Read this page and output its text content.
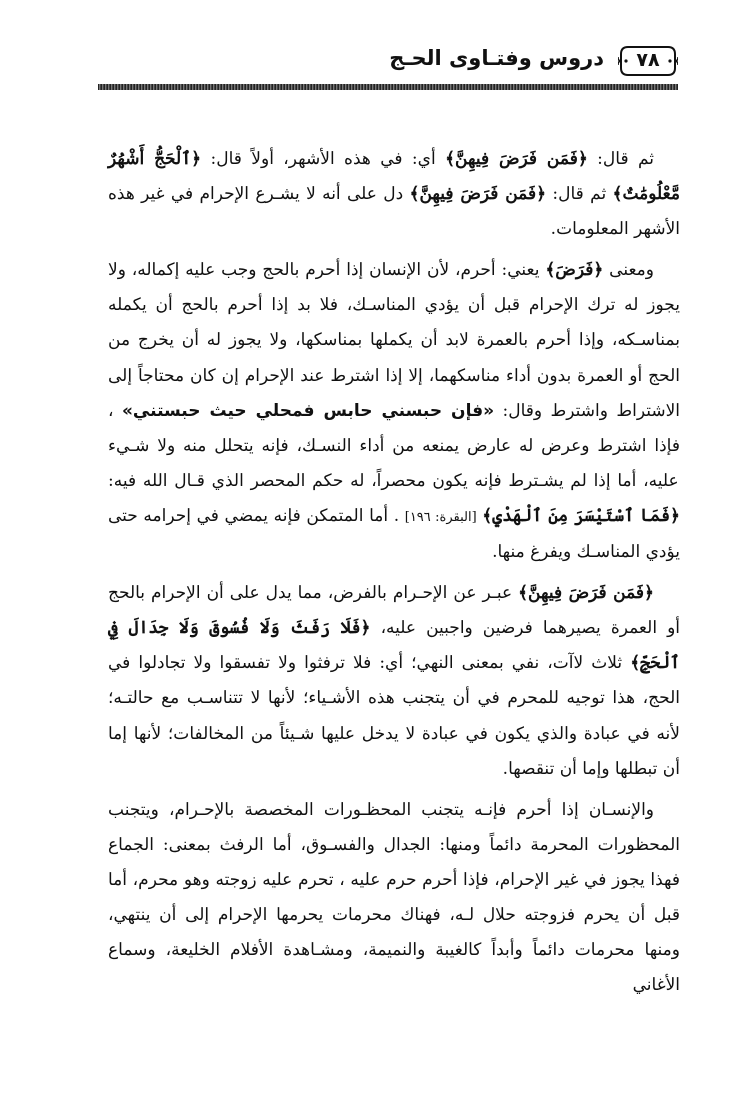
٧٨
دروس وفتـاوى الحـج

ثم قال: ﴿فَمَن فَرَضَ فِيهِنَّ﴾ أي: في هذه الأشهر، أولاً قال: ﴿ٱلْحَجُّ أَشْهُرٌ مَّعْلُومَٰتٌ﴾ ثم قال: ﴿فَمَن فَرَضَ فِيهِنَّ﴾ دل على أنه لا يشـرع الإحرام في غير هذه الأشهر المعلومات.

ومعنى ﴿فَرَضَ﴾ يعني: أحرم، لأن الإنسان إذا أحرم بالحج وجب عليه إكماله، ولا يجوز له ترك الإحرام قبل أن يؤدي المناسـك، فلا بد إذا أحرم بالحج أن يكمله بمناسـكه، وإذا أحرم بالعمرة لابد أن يكملها بمناسكها، ولا يجوز له أن يخرج من الحج أو العمرة بدون أداء مناسكهما، إلا إذا اشترط عند الإحرام إن كان محتاجاً إلى الاشتراط واشترط وقال: «فإن حبسني حابس فمحلي حيث حبستني» ، فإذا اشترط وعرض له عارض يمنعه من أداء النسـك، فإنه يتحلل منه ولا شـيء عليه، أما إذا لم يشـترط فإنه يكون محصراً، له حكم المحصر الذي قـال الله فيه: ﴿فَمَا ٱسْتَيْسَرَ مِنَ ٱلْهَدْيِ﴾ [البقرة: ١٩٦] . أما المتمكن فإنه يمضي في إحرامه حتى يؤدي المناسـك ويفرغ منها.

﴿فَمَن فَرَضَ فِيهِنَّ﴾ عبـر عن الإحـرام بالفرض، مما يدل على أن الإحرام بالحج أو العمرة يصيرهما فرضين واجبين عليه، ﴿فَلَا رَفَثَ وَلَا فُسُوقَ وَلَا جِدَالَ فِي ٱلْحَجِّ﴾ ثلاث لاآت، نفي بمعنى النهي؛ أي: فلا ترفثوا ولا تفسقوا ولا تجادلوا في الحج، هذا توجيه للمحرم في أن يتجنب هذه الأشـياء؛ لأنها لا تتناسـب مع حالتـه؛ لأنه في عبادة والذي يكون في عبادة لا يدخل عليها شـيئاً من المخالفات؛ لأنها إما أن تبطلها وإما أن تنقصها.

والإنسـان إذا أحرم فإنـه يتجنب المحظـورات المخصصة بالإحـرام، ويتجنب المحظورات المحرمة دائماً ومنها: الجدال والفسـوق، أما الرفث بمعنى: الجماع فهذا يجوز في غير الإحرام، فإذا أحرم حرم عليه ، تحرم عليه زوجته وهو محرم، أما قبل أن يحرم فزوجته حلال لـه، فهناك محرمات يحرمها الإحرام إلى أن ينتهي، ومنها محرمات دائماً وأبداً كالغيبة والنميمة، ومشـاهدة الأفلام الخليعة، وسماع الأغاني
